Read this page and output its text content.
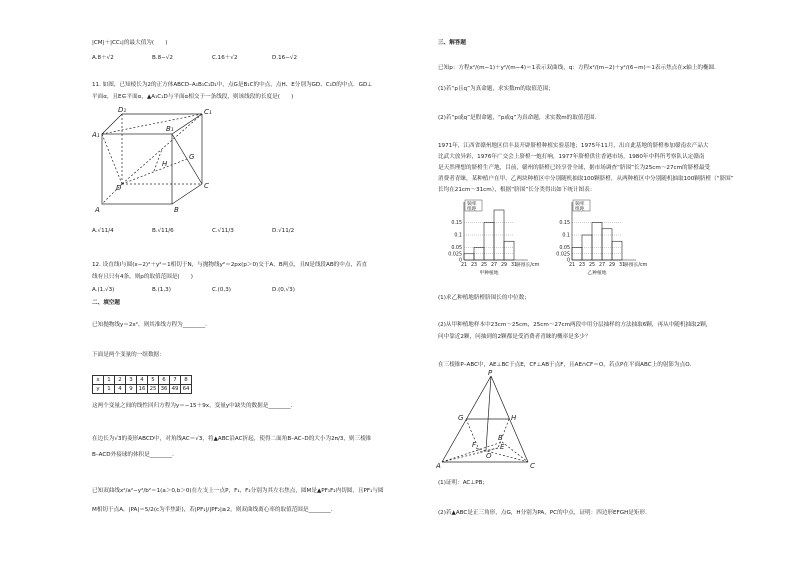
|CM|＋|CC₁|的最大值为(　　)
A.8＋√2	B.8−√2	C.16＋√2	D.16−√2
11. 如图，已知棱长为2的正方体ABCD–A₁B₁C₁D₁中，点G是B₁C的中点，点H、E分别为GD、C₁D的中点．GD⊥
平面α，且E∈平面α，▲A₁C₁D与平面α相交于一条线段，则该线段的长度是(　　)
D₁	C₁
A₁
B₁
G
H
D	C
A	B
A.√11/4	B.√11/6	C.√11/3	D.√11/2
12. 设直线l与圆(x−2)²＋y²＝1相切于N，与抛物线y²＝2px(p＞0)交于A、B两点，且N是线段AB的中点，若直
线有且只有4条，则p的取值范围是(　　)
A.(1,√3)	B.(1,3)	C.(0,3)	D.(0,√3)
二、填空题
已知抛物线y＝2x²，则其准线方程为________．
下面是两个变量的一组数据：
x	1	2	3	4	5	6	7	8
y	1	4	9	16	25	36	49	64
这两个变量之间的线性回归方程为y＝−15＋9x，变量y中缺失的数据是________．
在边长为√3的菱形ABCD中，对角线AC＝√3，将▲ABC沿AC折起，使得二面角B–AC–D的大小为2π/3，则三棱锥
B–ACD外接球的体积是________．
已知双曲线x²/a²−y²/b²＝1(a＞0,b＞0)在左支上一点P，F₁，F₂分别为其左右焦点，圆M是▲PF₁F₂内切圆，且PF₁与圆
M相切于点A，|PA|＝5/2(c为半焦距)，若|PF₁|/|PF₂|≥2，则双曲线离心率的取值范围是________．
三、解答题
已知p：方程x²/(m−1)＋y²/(m−4)＝1表示双曲线，q：方程x²/(m−2)＋y²/(6−m)＝1表示焦点在x轴上的椭圆．
(1)若“p且q”为真命题，求实数m的取值范围；
(2)若“p或q”是假命题，“p或q”为真命题，求实数m的取值范围．
1971年，江西省赣州地区信丰县开辟脐橙种植实验基地；1975年11月，出自此基地的脐橙参加赣南农产品大
比武大放异彩，1976年广交会上脐橙一炮打响，1977年脐橙供往香港市场，1980年中科所考察队认定赣南
是天然理想的脐橙生产地，目前，赣州的脐橙已经享誉全球，据市场调查“脐围”长为25cm～27cm的脐橙最受
消费者青睐，某种植户在甲、乙两块种植区中分别随机抽取100颗脐橙，从两种植区中分别随机抽取100颗脐橙（“脐围”
长均在21cm～31cm），根据“脐围”长分类得出如下统计图表：
频率
组距
0.15
0.1
0.05
0.025
0
21 23 25 27 29 31
脐围长/cm
甲种植地
频率
组距
0.15
0.1
0.05
0.025
0
21 23 25 27 29 31
脐围长/cm
乙种植地
(1)求乙种植地脐橙脐围长的中位数；
(2)从甲种植地样本中23cm～25cm，25cm～27cm两段中用分层抽样的方法抽取6颗，再从中随机抽取2颗，
问中靠近2颗，问抽到的2颗都是受消费者青睐的概率是多少？
在三棱锥P–ABC中，AE⊥BC于点E，CF⊥AB于点F，且AE∩CF＝O，若点P在平面ABC上的射影为点O．
P
G	H
E
F
O
A	C
B
(1)证明：AC⊥PB；
(2)若▲ABC是正三角形，点G，H分别为PA，PC的中点，证明：四边形EFGH是矩形.
